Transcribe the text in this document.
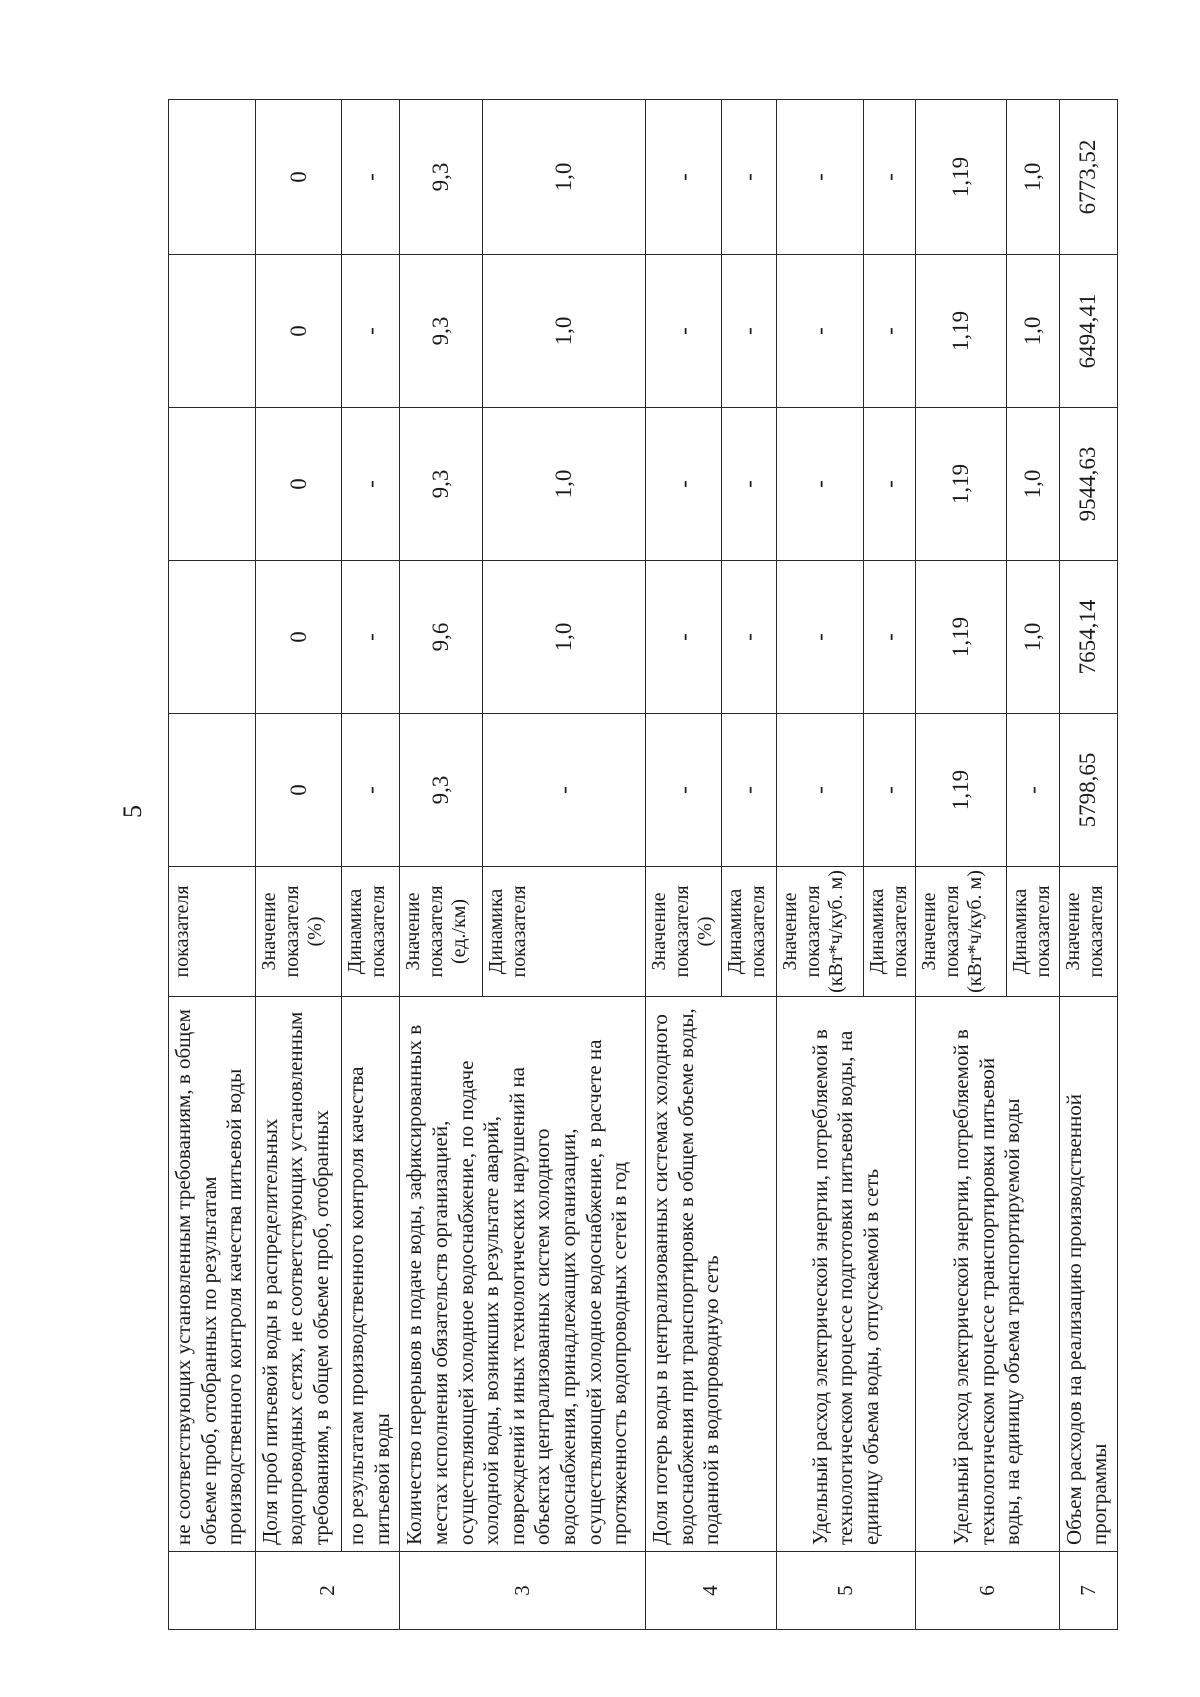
5
	не соответствующих установленным требованиям, в общем объеме проб, отобранных по результатам производственного контроля качества питьевой воды	показателя					
2	Доля проб питьевой воды в распределительных водопроводных сетях, не соответствующих установленным требованиям, в общем объеме проб, отобранных	Значение показателя (%)	0	0	0	0	0
	по результатам производственного контроля качества питьевой воды	Динамика показателя	-	-	-	-	-
3	Количество перерывов в подаче воды, зафиксированных в местах исполнения обязательств организацией, осуществляющей холодное водоснабжение, по подаче холодной воды, возникших в результате аварий, повреждений и иных технологических нарушений на объектах централизованных систем холодного водоснабжения, принадлежащих организации, осуществляющей холодное водоснабжение, в расчете на протяженность водопроводных сетей в год	Значение показателя (ед./км)	9,3	9,6	9,3	9,3	9,3
		Динамика показателя	-	1,0	1,0	1,0	1,0
4	Доля потерь воды в централизованных системах холодного водоснабжения при транспортировке в общем объеме воды, поданной в водопроводную сеть	Значение показателя (%)	-	-	-	-	-
		Динамика показателя	-	-	-	-	-
5	Удельный расход электрической энергии, потребляемой в технологическом процессе подготовки питьевой воды, на единицу объема воды, отпускаемой в сеть	Значение показателя (кВт*ч/куб. м)	-	-	-	-	-
		Динамика показателя	-	-	-	-	-
6	Удельный расход электрической энергии, потребляемой в технологическом процессе транспортировки питьевой воды, на единицу объема транспортируемой воды	Значение показателя (кВт*ч/куб. м)	1,19	1,19	1,19	1,19	1,19
		Динамика показателя	-	1,0	1,0	1,0	1,0
7	Объем расходов на реализацию производственной программы	Значение показателя	5798,65	7654,14	9544,63	6494,41	6773,52
